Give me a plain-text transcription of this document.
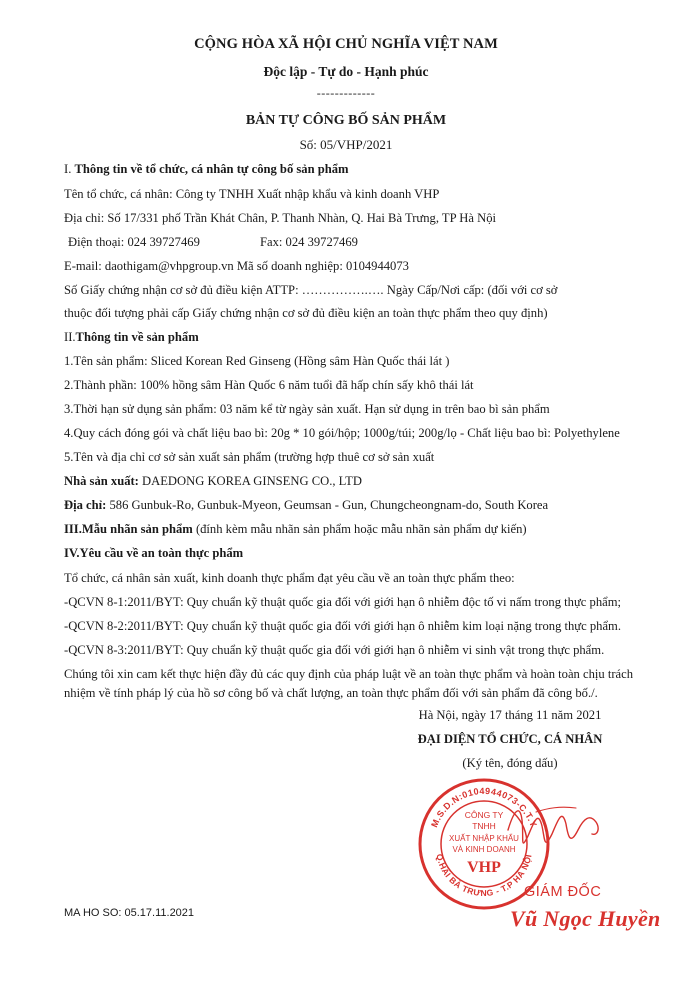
CỘNG HÒA XÃ HỘI CHỦ NGHĨA VIỆT NAM
Độc lập - Tự do - Hạnh phúc
-------------
BẢN TỰ CÔNG BỐ SẢN PHẨM
Số: 05/VHP/2021
I. Thông tin về tổ chức, cá nhân tự công bố sản phẩm
Tên tổ chức, cá nhân: Công ty TNHH Xuất nhập khẩu và kinh doanh VHP
Địa chỉ: Số 17/331 phố Trần Khát Chân, P. Thanh Nhàn, Q. Hai Bà Trưng, TP Hà Nội
Điện thoại: 024 39727469	Fax: 024 39727469
E-mail: daothigam@vhpgroup.vn Mã số doanh nghiệp: 0104944073
Số Giấy chứng nhận cơ sở đủ điều kiện ATTP: …………….…. Ngày Cấp/Nơi cấp: (đối với cơ sở
thuộc đối tượng phải cấp Giấy chứng nhận cơ sở đủ điều kiện an toàn thực phẩm theo quy định)
II.Thông tin về sản phẩm
1.Tên sản phẩm: Sliced Korean Red Ginseng (Hồng sâm Hàn Quốc thái lát )
2.Thành phần: 100% hồng sâm Hàn Quốc 6 năm tuổi đã hấp chín sấy khô thái lát
3.Thời hạn sử dụng sản phẩm: 03 năm kể từ ngày sản xuất. Hạn sử dụng in trên bao bì sản phẩm
4.Quy cách đóng gói và chất liệu bao bì: 20g * 10 gói/hộp; 1000g/túi; 200g/lọ - Chất liệu bao bì: Polyethylene
5.Tên và địa chỉ cơ sở sản xuất sản phẩm (trường hợp thuê cơ sở sản xuất
Nhà sản xuất: DAEDONG KOREA GINSENG CO., LTD
Địa chỉ: 586 Gunbuk-Ro, Gunbuk-Myeon, Geumsan - Gun, Chungcheongnam-do, South Korea
III.Mẫu nhãn sản phẩm (đính kèm mẫu nhãn sản phẩm hoặc mẫu nhãn sản phẩm dự kiến)
IV.Yêu cầu về an toàn thực phẩm
Tổ chức, cá nhân sản xuất, kinh doanh thực phẩm đạt yêu cầu về an toàn thực phẩm theo:
-QCVN 8-1:2011/BYT: Quy chuẩn kỹ thuật quốc gia đối với giới hạn ô nhiễm độc tố vi nấm trong thực phẩm;
-QCVN 8-2:2011/BYT: Quy chuẩn kỹ thuật quốc gia đối với giới hạn ô nhiễm kim loại nặng trong thực phẩm.
-QCVN 8-3:2011/BYT: Quy chuẩn kỹ thuật quốc gia đối với giới hạn ô nhiễm vi sinh vật trong thực phẩm.
Chúng tôi xin cam kết thực hiện đầy đủ các quy định của pháp luật về an toàn thực phẩm và hoàn toàn chịu trách
nhiệm về tính pháp lý của hồ sơ công bố và chất lượng, an toàn thực phẩm đối với sản phẩm đã công bố./.
Hà Nội, ngày 17 tháng 11 năm 2021
ĐẠI DIỆN TỔ CHỨC, CÁ NHÂN
(Ký tên, đóng dấu)
M.S.D.N:0104944073-C.T.Y
Q.HAI BÀ TRƯNG - T.P HÀ NỘI
CÔNG TY
TNHH
XUẤT NHẬP KHẨU
VÀ KINH DOANH
VHP
GIÁM ĐỐC
Vũ Ngọc Huyền
MA HO SO: 05.17.11.2021
